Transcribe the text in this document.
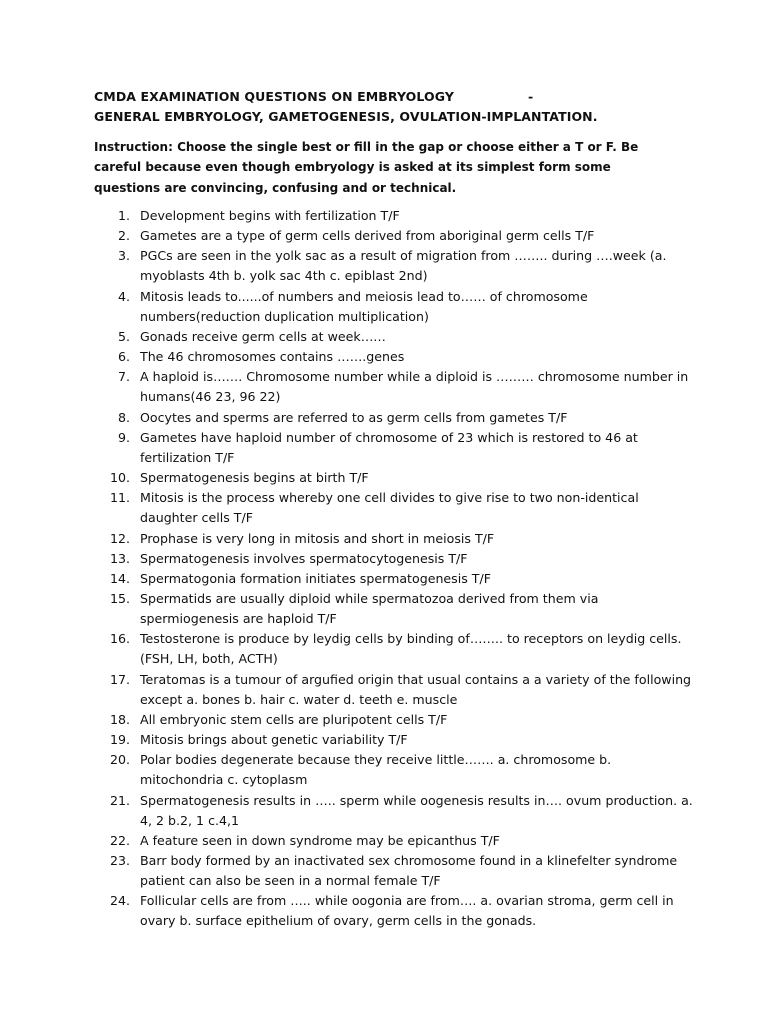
CMDA EXAMINATION QUESTIONS ON EMBRYOLOGY	-
GENERAL EMBRYOLOGY, GAMETOGENESIS, OVULATION-IMPLANTATION.
Instruction: Choose the single best or fill in the gap or choose either a T or F. Be careful because even though embryology is asked at its simplest form some questions are convincing, confusing and or technical.
1. Development begins with fertilization T/F
2. Gametes are a type of germ cells derived from aboriginal germ cells T/F
3. PGCs are seen in the yolk sac as a result of migration from …….. during ….week (a. myoblasts 4th b. yolk sac 4th c. epiblast 2nd)
4. Mitosis leads to......of numbers and meiosis lead to…… of chromosome numbers(reduction duplication multiplication)
5. Gonads receive germ cells at week……
6. The 46 chromosomes contains …….genes
7. A haploid is……. Chromosome number while a diploid is ……… chromosome number in humans(46 23, 96 22)
8. Oocytes and sperms are referred to as germ cells from gametes T/F
9. Gametes have haploid number of chromosome of 23 which is restored to 46 at fertilization T/F
10. Spermatogenesis begins at birth T/F
11. Mitosis is the process whereby one cell divides to give rise to two non-identical daughter cells T/F
12. Prophase is very long in mitosis and short in meiosis T/F
13. Spermatogenesis involves spermatocytogenesis T/F
14. Spermatogonia formation initiates spermatogenesis T/F
15. Spermatids are usually diploid while spermatozoa derived from them via spermiogenesis are haploid T/F
16. Testosterone is produce by leydig cells by binding of…….. to receptors on leydig cells.(FSH, LH, both, ACTH)
17. Teratomas is a tumour of argufied origin that usual contains a a variety of the following except a. bones b. hair c. water d. teeth e. muscle
18. All embryonic stem cells are pluripotent cells T/F
19. Mitosis brings about genetic variability T/F
20. Polar bodies degenerate because they receive little……. a. chromosome b. mitochondria c. cytoplasm
21. Spermatogenesis results in ….. sperm while oogenesis results in…. ovum production. a. 4, 2 b.2, 1 c.4,1
22. A feature seen in down syndrome may be epicanthus T/F
23. Barr body formed by an inactivated sex chromosome found in a klinefelter syndrome patient can also be seen in a normal female T/F
24. Follicular cells are from ….. while oogonia are from…. a. ovarian stroma, germ cell in ovary b. surface epithelium of ovary, germ cells in the gonads.
